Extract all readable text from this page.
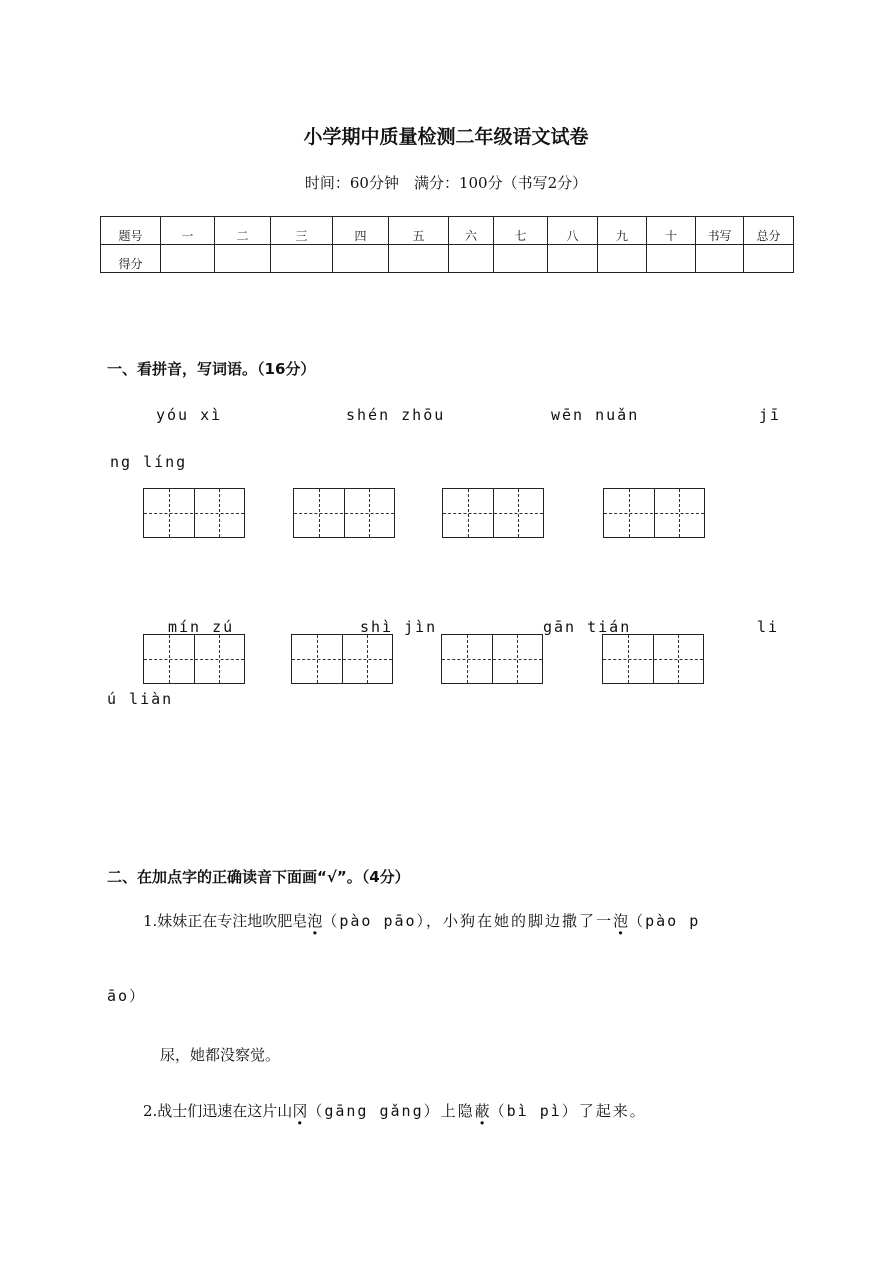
小学期中质量检测二年级语文试卷
时间：60分钟　满分：100分（书写2分）
题号	一	二	三	四	五	六	七	八	九	十	书写	总分
得分												
一、看拼音，写词语。（16分）
yóu xì	shén zhōu	wēn nuǎn	jī
ng líng
mín zú	shì jìn	gān tián	li
ú liàn
二、在加点字的正确读音下面画“√”。（4分）
1.妹妹正在专注地吹肥皂泡（pào pāo），小狗在她的脚边撒了一泡（pào p
āo）
尿，她都没察觉。
2.战士们迅速在这片山冈（gāng gǎng）上隐蔽（bì pì）了起来。
